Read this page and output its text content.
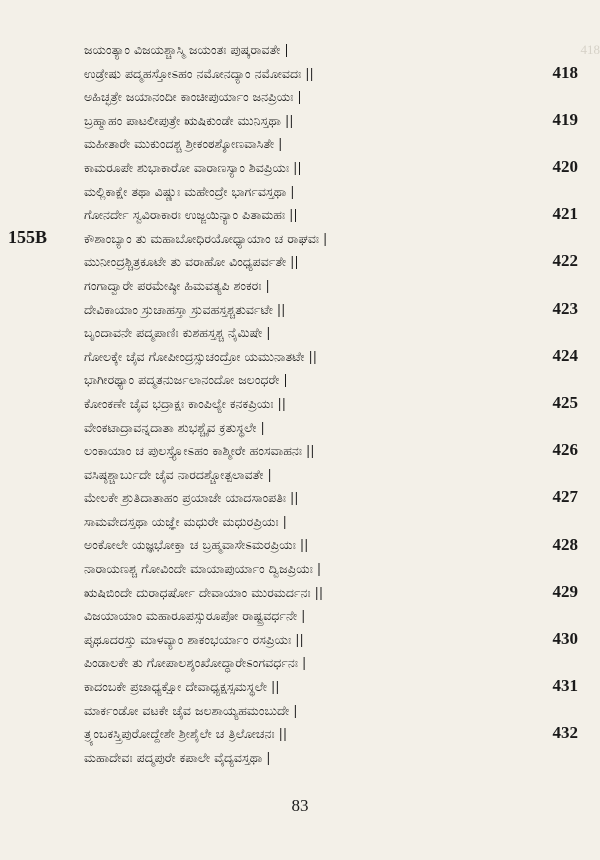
418
155B
ಜಯಂತ್ಯಾಂ ವಿಜಯಶ್ಚಾಸ್ಮಿ ಜಯಂತಃ ಪುಷ್ಕರಾವತೇ |
ಉಡ್ರೇಷು ಪದ್ಮಹಸ್ತೋಽಹಂ ನಮೋನದ್ಯಾಂ ನಮೋವದಃ ||
ಅಹಿಚ್ಛತ್ರೇ ಜಯಾನಂದೀ ಕಾಂಚೀಪುರ್ಯಾಂ ಜನಪ್ರಿಯಃ |
ಬ್ರಹ್ಮಾಹಂ ಪಾಟಲೀಪುತ್ರೇ ಋಷಿಕುಂಡೇ ಮುನಿಸ್ತಥಾ ||
ಮಹೀತಾರೇ ಮುಕುಂದಶ್ಚ ಶ್ರೀಕಂಠಶ್ಶೋಣವಾಸಿತೇ |
ಕಾಮರೂಪೇ ಶುಭಾಕಾರೋ ವಾರಾಣಸ್ಯಾಂ ಶಿವಪ್ರಿಯಃ ||
ಮಲ್ಲಿಕಾಕ್ಷೇ ತಥಾ ವಿಷ್ಣುಃ ಮಹೇಂದ್ರೇ ಭಾರ್ಗವಸ್ತಥಾ |
ಗೋನರ್ದೇ ಸ್ವವಿರಾಕಾರಃ ಉಜ್ಜಯಿನ್ಯಾಂ ಪಿತಾಮಹಃ ||
ಕೌಶಾಂಬ್ಯಾಂ ತು ಮಹಾಬೋಧಿರಯೋಧ್ಯಾಯಾಂ ಚ ರಾಘವಃ |
ಮುನೀಂದ್ರಶ್ಚಿತ್ರಕೂಟೇ ತು ವರಾಹೋ ವಿಂಧ್ಯಪರ್ವತೇ ||
ಗಂಗಾದ್ವಾರೇ ಪರಮೇಷ್ಠೀ ಹಿಮವತ್ಯಪಿ ಶಂಕರಃ |
ದೇವಿಕಾಯಾಂ ಸ್ರುಚಾಹಸ್ತಾ ಸ್ರುವಹಸ್ತಶ್ಚತುರ್ವಟೇ ||
ಬೃಂದಾವನೇ ಪದ್ಮಪಾಣಿಃ ಕುಶಹಸ್ತಶ್ಚ ನೈಮಿಷೇ |
ಗೋಲಕ್ಕೇ ಚೈವ ಗೋಪೀಂದ್ರಸ್ಸುಚಂದ್ರೋ ಯಮುನಾತಟೇ ||
ಭಾಗೀರಥ್ಯಾಂ ಪದ್ಮತನುರ್ಜಲಾನಂದೋ ಜಲಂಧರೇ |
ಕೋಂಕಣೇ ಚೈವ ಭದ್ರಾಕ್ಷಃ ಕಾಂಪಿಲ್ಯೇ ಕನಕಪ್ರಿಯಃ ||
ವೇಂಕಟಾದ್ರಾವನ್ನದಾತಾ ಶುಭಶ್ಚೈವ ಕ್ರತುಸ್ಥಲೇ |
ಲಂಕಾಯಾಂ ಚ ಪುಲಸ್ತ್ಯೋಽಹಂ ಕಾಶ್ಮೀರೇ ಹಂಸವಾಹನಃ ||
ವಸಿಷ್ಠಶ್ಚಾರ್ಬುದೇ ಚೈವ ನಾರದಶ್ಚೋತ್ಪಲಾವತೇ |
ಮೇಲಕೇ ಶ್ರುತಿದಾತಾಹಂ ಪ್ರಯಾಜೇ ಯಾದಸಾಂಪತಿಃ ||
ಸಾಮವೇದಸ್ತಥಾ ಯಜ್ಞೇ ಮಧುರೇ ಮಧುರಪ್ರಿಯಃ |
ಅಂಕೋಲೇ ಯಜ್ಞಭೋಕ್ತಾ ಚ ಬ್ರಹ್ಮವಾಸೇಽಮರಪ್ರಿಯಃ ||
ನಾರಾಯಣಶ್ಚ ಗೋವಿಂದೇ ಮಾಯಾಪುರ್ಯಾಂ ದ್ವಿಜಪ್ರಿಯಃ |
ಋಷಿಬಿಂದೇ ದುರಾಧರ್ಷೋ ದೇವಾಯಾಂ ಮುರಮರ್ದನಃ ||
ವಿಜಯಾಯಾಂ ಮಹಾರೂಪಸ್ಸುರೂಪೋ ರಾಷ್ಟ್ರವರ್ಧನೇ |
ಪೃಥೂದರಸ್ತು ಮಾಳವ್ಯಾಂ ಶಾಕಂಭರ್ಯಾಂ ರಸಪ್ರಿಯಃ ||
ಪಿಂಡಾಲಕೇ ತು ಗೋಪಾಲಶ್ಶಂಖೋದ್ಧಾರೇಽಂಗವರ್ಧನಃ |
ಕಾದಂಬಕೇ ಪ್ರಜಾಧ್ಯಕ್ಷೋ ದೇವಾಧ್ಯಕ್ಷಸ್ಸಮಸ್ಥಲೇ ||
ಮಾರ್ಕಂಡೋ ವಟಕೇ ಚೈವ ಜಲಶಾಯ್ಯಹಮಂಬುದೇ |
ತ್ರ್ಯಂಬಕಸ್ತ್ರಿಪುರೋದ್ದೇಶೇ ಶ್ರೀಶೈಲೇ ಚ ತ್ರಿಲೋಚನಃ ||
ಮಹಾದೇವಃ ಪದ್ಮಪುರೇ ಕಪಾಲೇ ವೈದ್ಯವಸ್ತಥಾ |
418
419
420
421
422
423
424
425
426
427
428
429
430
431
432
83
